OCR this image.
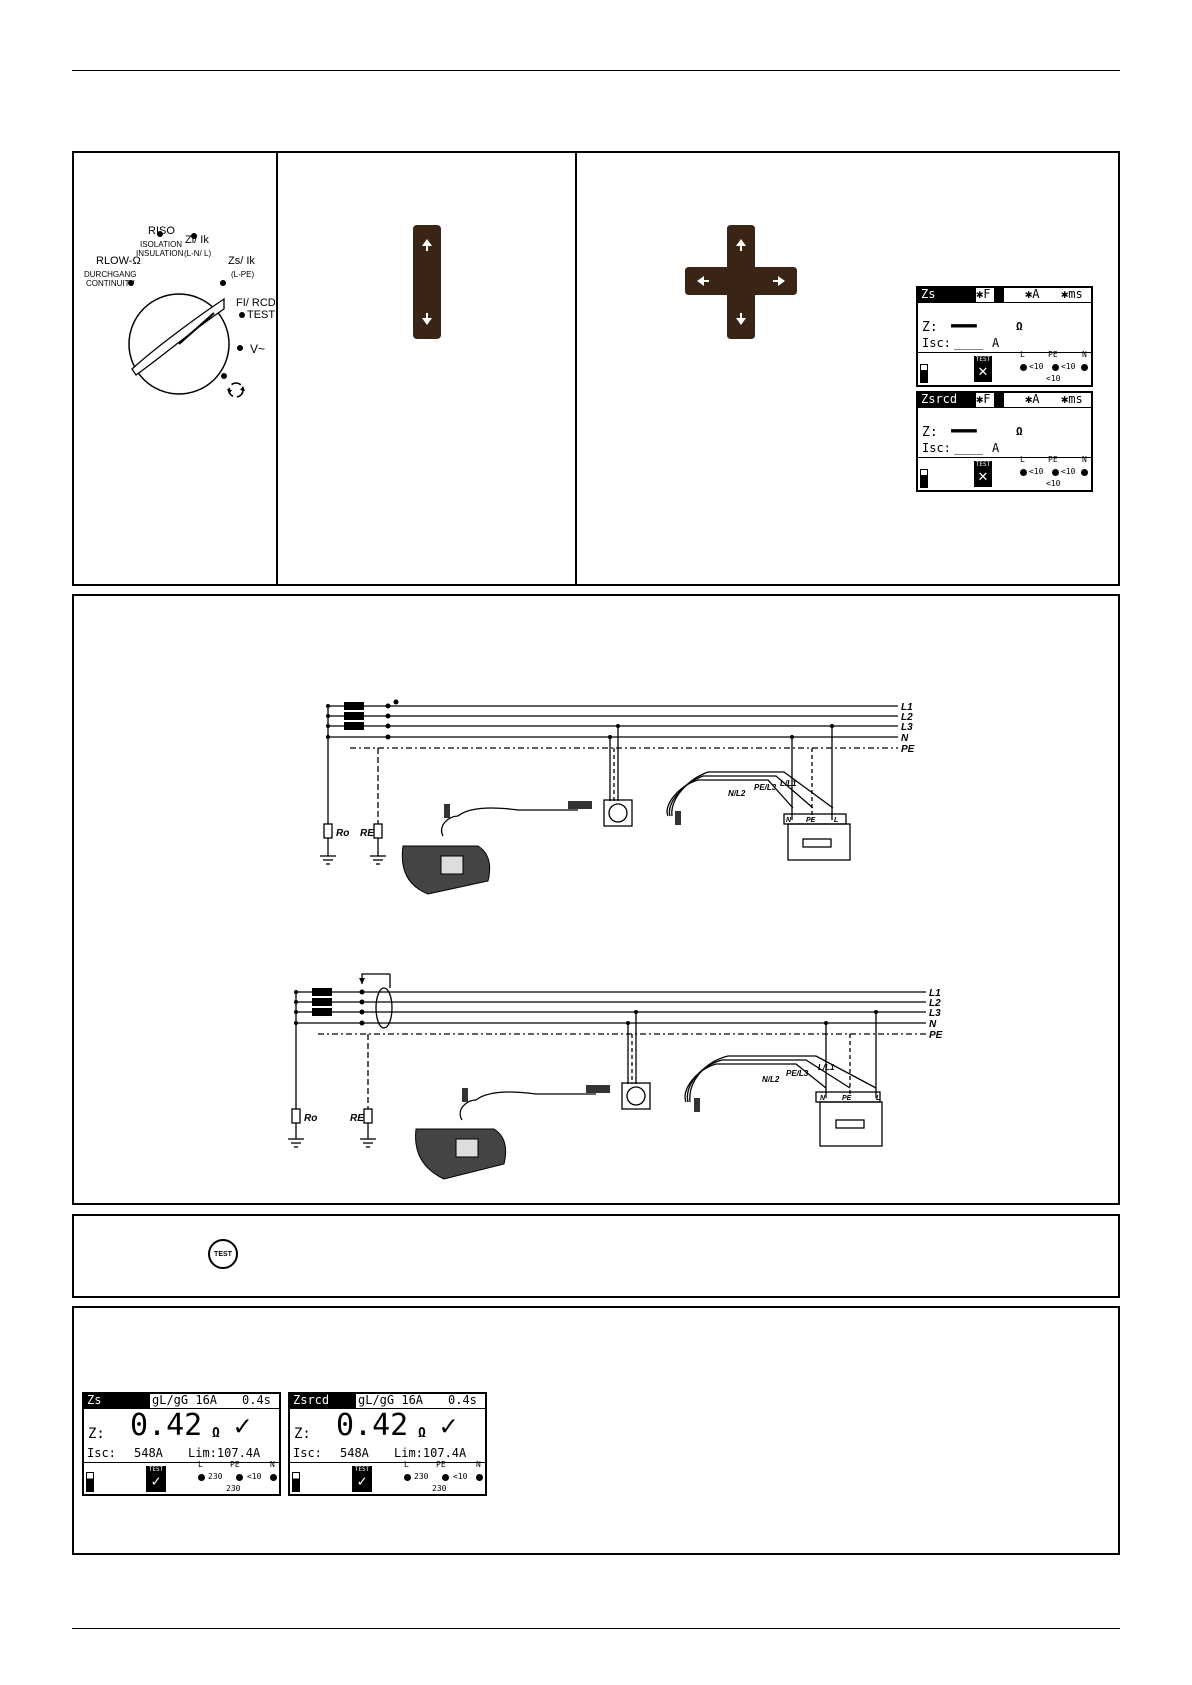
RLOW-Ω
DURCHGANG
CONTINUITY
RISO
ISOLATION
INSULATION
Zi/ Ik
(L-N/ L)
Zs/ Ik
(L-PE)
FI/ RCD
TEST
V~
Zs	✱F	✱A ✱ms
Z: ▬▬▬▬	Ω
Isc: ____ A
TEST
✕
L	PE	N
<10 <10
<10
Zsrcd ✱F	✱A ✱ms
Z: ▬▬▬▬	Ω
Isc: ____ A
TEST
✕
L	PE	N
<10 <10
<10
L1
L2
L3
N
PE
Ro RE
PE/L3 L/L1
N/L2
N PE	L
L1
L2
L3
N
PE
Ro	RE
PE/L3
L/L1
N/L2
N PE	L
TEST
Zs	gL/gG 16A 0.4s
Z: 0.42 Ω ✓
Isc: 548A Lim:107.4A
TEST
✓
L	PE	N
230	<10
230
Zsrcd gL/gG 16A 0.4s
Z: 0.42 Ω ✓
Isc: 548A Lim:107.4A
TEST
✓
L	PE	N
230	<10
230
